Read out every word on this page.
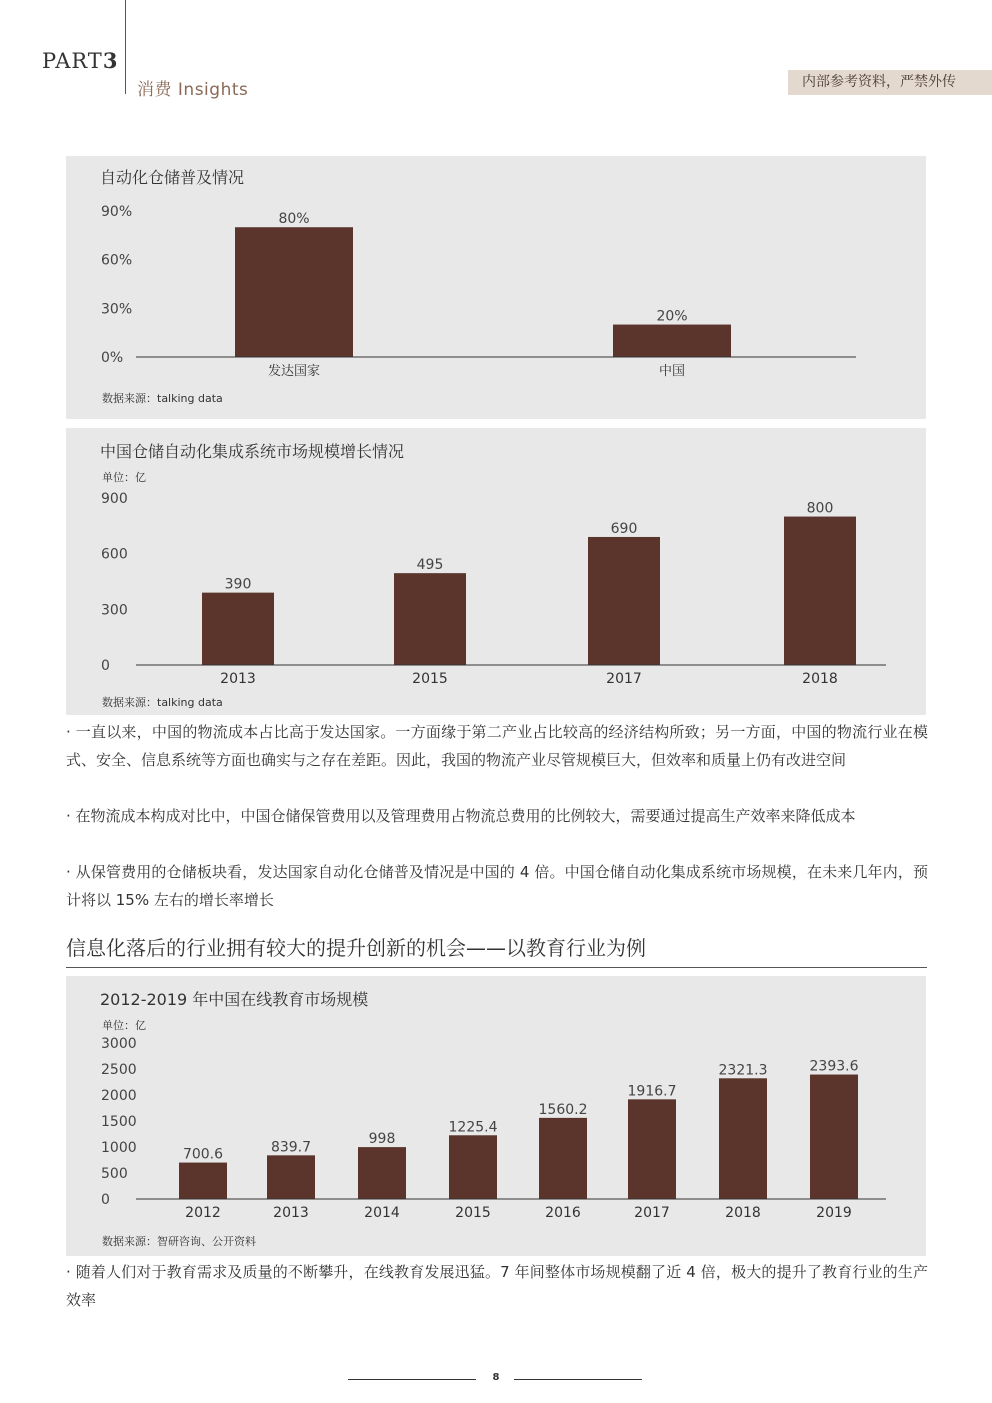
PART3
消费 Insights	内部参考资料，严禁外传
0%
30%
60%
90%	80%
发达国家
20%
中国
自动化仓储普及情况
数据来源：talking data
0
300
600
900
390
2013
495
2015
690
2017
800
2018
中国仓储自动化集成系统市场规模增长情况
单位：亿
数据来源：talking data
· 一直以来，中国的物流成本占比高于发达国家。一方面缘于第二产业占比较高的经济结构所致；另一方面，中国的物流行业在模式、安全、信息系统等方面也确实与之存在差距。因此，我国的物流产业尽管规模巨大，但效率和质量上仍有改进空间
· 在物流成本构成对比中，中国仓储保管费用以及管理费用占物流总费用的比例较大，需要通过提高生产效率来降低成本
· 从保管费用的仓储板块看，发达国家自动化仓储普及情况是中国的 4 倍。中国仓储自动化集成系统市场规模，在未来几年内，预计将以 15% 左右的增长率增长
信息化落后的行业拥有较大的提升创新的机会——以教育行业为例
0
500
1000
1500
2000
2500
3000
700.6
2012
839.7
2013
998
2014
1225.4
2015
1560.2
2016
1916.7
2017
2321.3
2018
2393.6
2019
2012-2019 年中国在线教育市场规模
单位：亿
数据来源：智研咨询、公开资料
· 随着人们对于教育需求及质量的不断攀升，在线教育发展迅猛。7 年间整体市场规模翻了近 4 倍，极大的提升了教育行业的生产效率
8
